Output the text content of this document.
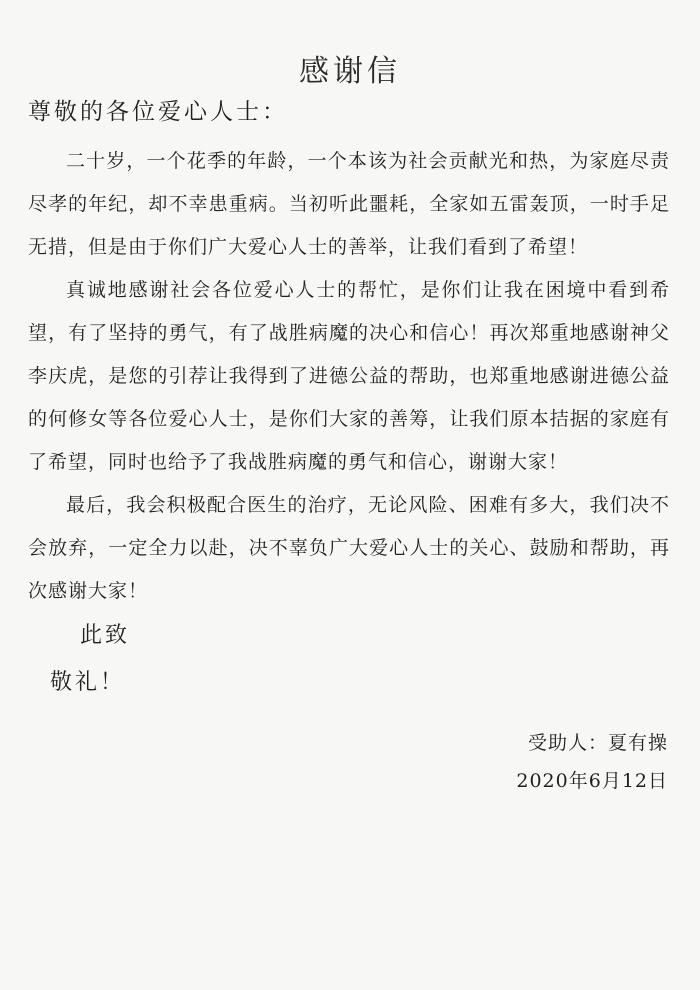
感谢信
尊敬的各位爱心人士：

二十岁，一个花季的年龄，一个本该为社会贡献光和热，为家庭尽责尽孝的年纪，却不幸患重病。当初听此噩耗，全家如五雷轰顶，一时手足无措，但是由于你们广大爱心人士的善举，让我们看到了希望！

真诚地感谢社会各位爱心人士的帮忙，是你们让我在困境中看到希望，有了坚持的勇气，有了战胜病魔的决心和信心！再次郑重地感谢神父李庆虎，是您的引荐让我得到了进德公益的帮助，也郑重地感谢进德公益的何修女等各位爱心人士，是你们大家的善筹，让我们原本拮据的家庭有了希望，同时也给予了我战胜病魔的勇气和信心，谢谢大家！

最后，我会积极配合医生的治疗，无论风险、困难有多大，我们决不会放弃，一定全力以赴，决不辜负广大爱心人士的关心、鼓励和帮助，再次感谢大家！

此致
敬礼！
受助人：夏有操
2020年6月12日
